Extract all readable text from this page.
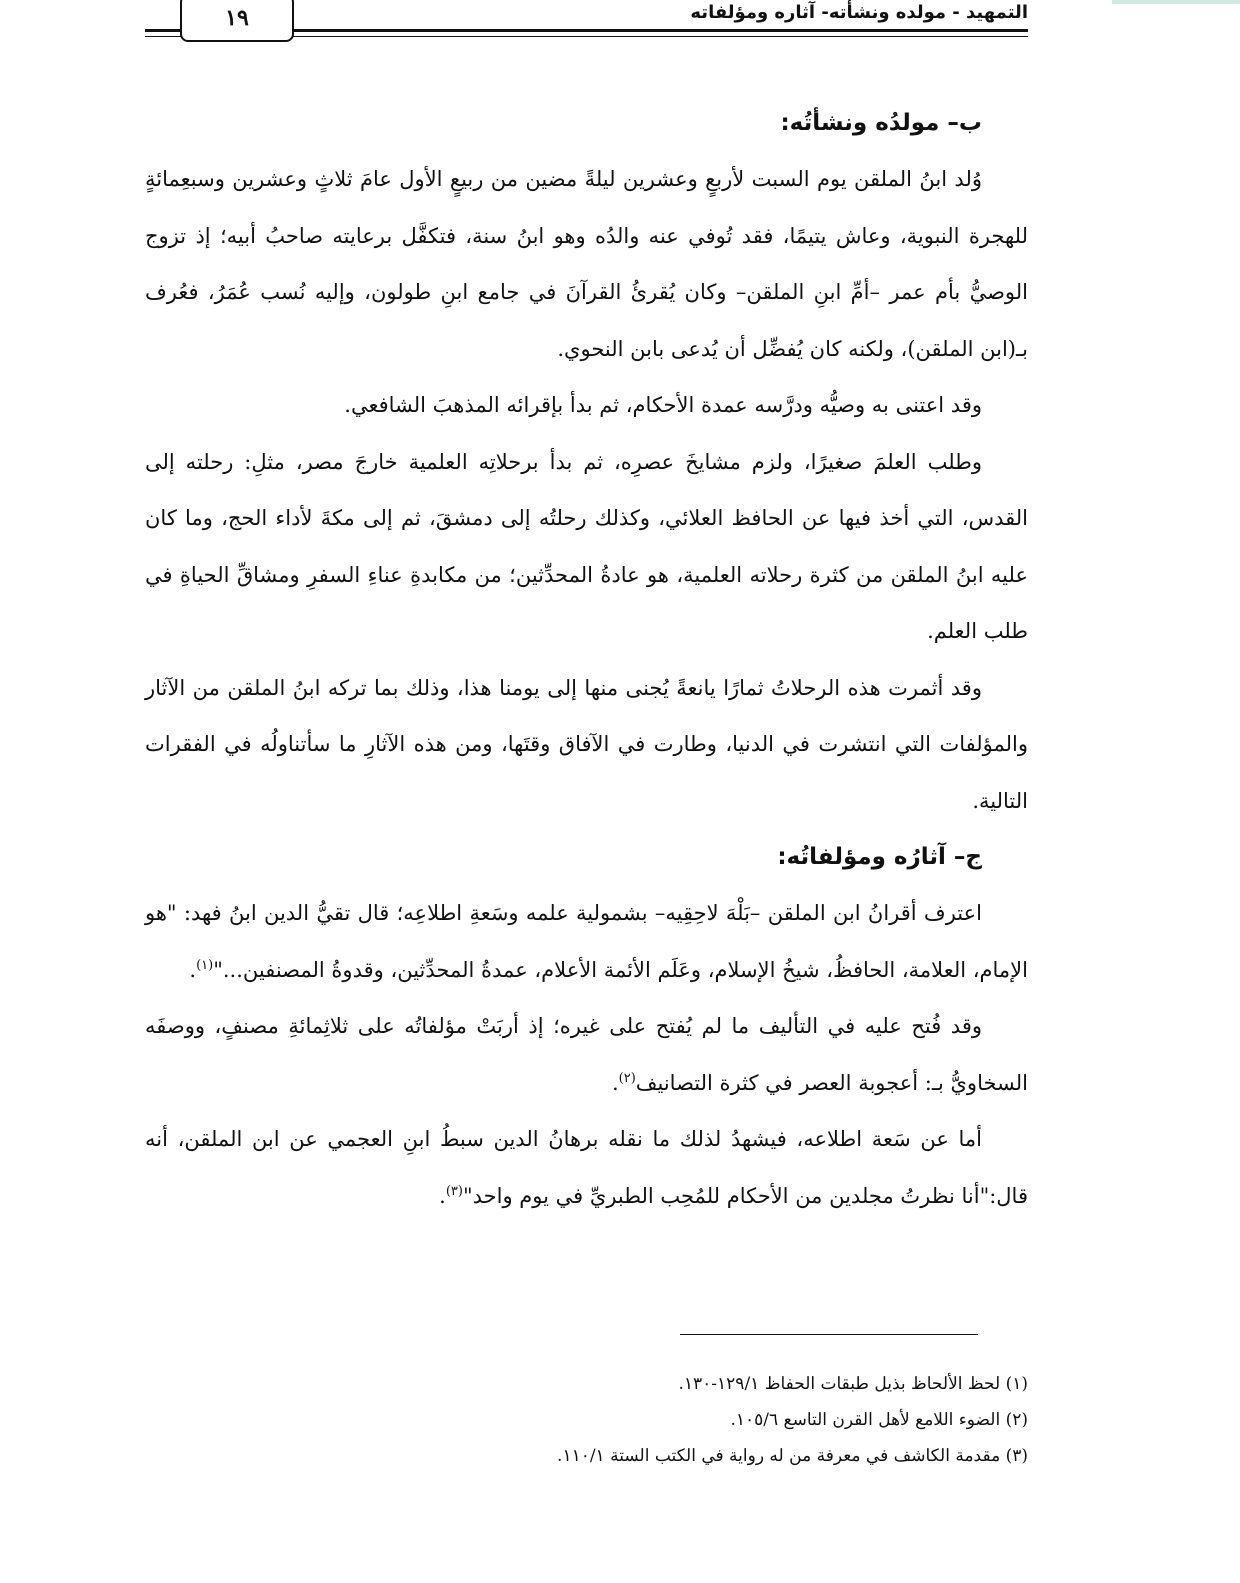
التمهيد - مولده ونشأته- آثاره ومؤلفاته
١٩
ب– مولدُه ونشأتُه:

وُلد ابنُ الملقن يوم السبت لأربعٍ وعشرين ليلةً مضين من ربيعٍ الأول عامَ ثلاثٍ وعشرين وسبعِمائةٍ للهجرة النبوية، وعاش يتيمًا، فقد تُوفي عنه والدُه وهو ابنُ سنة، فتكفَّل برعايته صاحبُ أبيه؛ إذ تزوج الوصيُّ بأم عمر –أمِّ ابنِ الملقن– وكان يُقرئُ القرآنَ في جامع ابنِ طولون، وإليه نُسب عُمَرُ، فعُرف بـ(ابن الملقن)، ولكنه كان يُفضِّل أن يُدعى بابن النحوي.

وقد اعتنى به وصيُّه ودرَّسه عمدة الأحكام، ثم بدأ بإقرائه المذهبَ الشافعي.

وطلب العلمَ صغيرًا، ولزم مشايخَ عصرِه، ثم بدأ برحلاتِه العلمية خارجَ مصر، مثلِ: رحلته إلى القدس، التي أخذ فيها عن الحافظ العلائي، وكذلك رحلتُه إلى دمشقَ، ثم إلى مكةَ لأداء الحج، وما كان عليه ابنُ الملقن من كثرة رحلاته العلمية، هو عادةُ المحدِّثين؛ من مكابدةِ عناءِ السفرِ ومشاقِّ الحياةِ في طلب العلم.

وقد أثمرت هذه الرحلاتُ ثمارًا يانعةً يُجنى منها إلى يومنا هذا، وذلك بما تركه ابنُ الملقن من الآثار والمؤلفات التي انتشرت في الدنيا، وطارت في الآفاق وقتَها، ومن هذه الآثارِ ما سأتناولُه في الفقرات التالية.

ج– آثارُه ومؤلفاتُه:

اعترف أقرانُ ابن الملقن –بَلْهَ لاحِقِيه– بشمولية علمه وسَعةِ اطلاعِه؛ قال تقيُّ الدين ابنُ فهد: "هو الإمام، العلامة، الحافظُ، شيخُ الإسلام، وعَلَم الأئمة الأعلام، عمدةُ المحدِّثين، وقدوةُ المصنفين..."$^{(١)}$.

وقد فُتح عليه في التأليف ما لم يُفتح على غيره؛ إذ أربَتْ مؤلفاتُه على ثلاثِمائةِ مصنفٍ، ووصفَه السخاويُّ بـ: أعجوبة العصر في كثرة التصانيف$^{(٢)}$.

أما عن سَعة اطلاعه، فيشهدُ لذلك ما نقله برهانُ الدين سبطُ ابنِ العجمي عن ابن الملقن، أنه قال:"أنا نظرتُ مجلدين من الأحكام للمُحِب الطبريِّ في يوم واحد"$^{(٣)}$.

(١) لحظ الألحاظ بذيل طبقات الحفاظ ١٢٩/١-١٣٠.
(٢) الضوء اللامع لأهل القرن التاسع ١٠٥/٦.
(٣) مقدمة الكاشف في معرفة من له رواية في الكتب الستة ١١٠/١.
